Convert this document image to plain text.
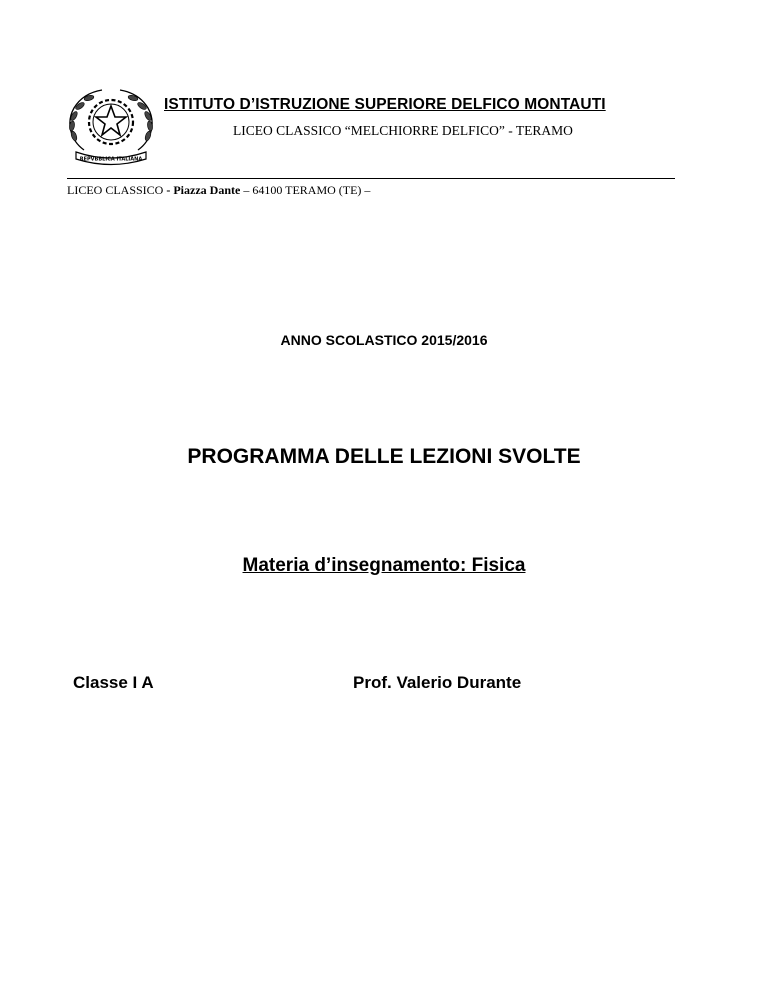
REPVBBLICA ITALIANA
ISTITUTO D’ISTRUZIONE SUPERIORE DELFICO MONTAUTI
LICEO CLASSICO “MELCHIORRE DELFICO” - TERAMO
LICEO CLASSICO - Piazza Dante – 64100 TERAMO (TE) –
ANNO SCOLASTICO 2015/2016
PROGRAMMA DELLE LEZIONI SVOLTE
Materia d’insegnamento: Fisica
Classe I A	Prof. Valerio Durante
